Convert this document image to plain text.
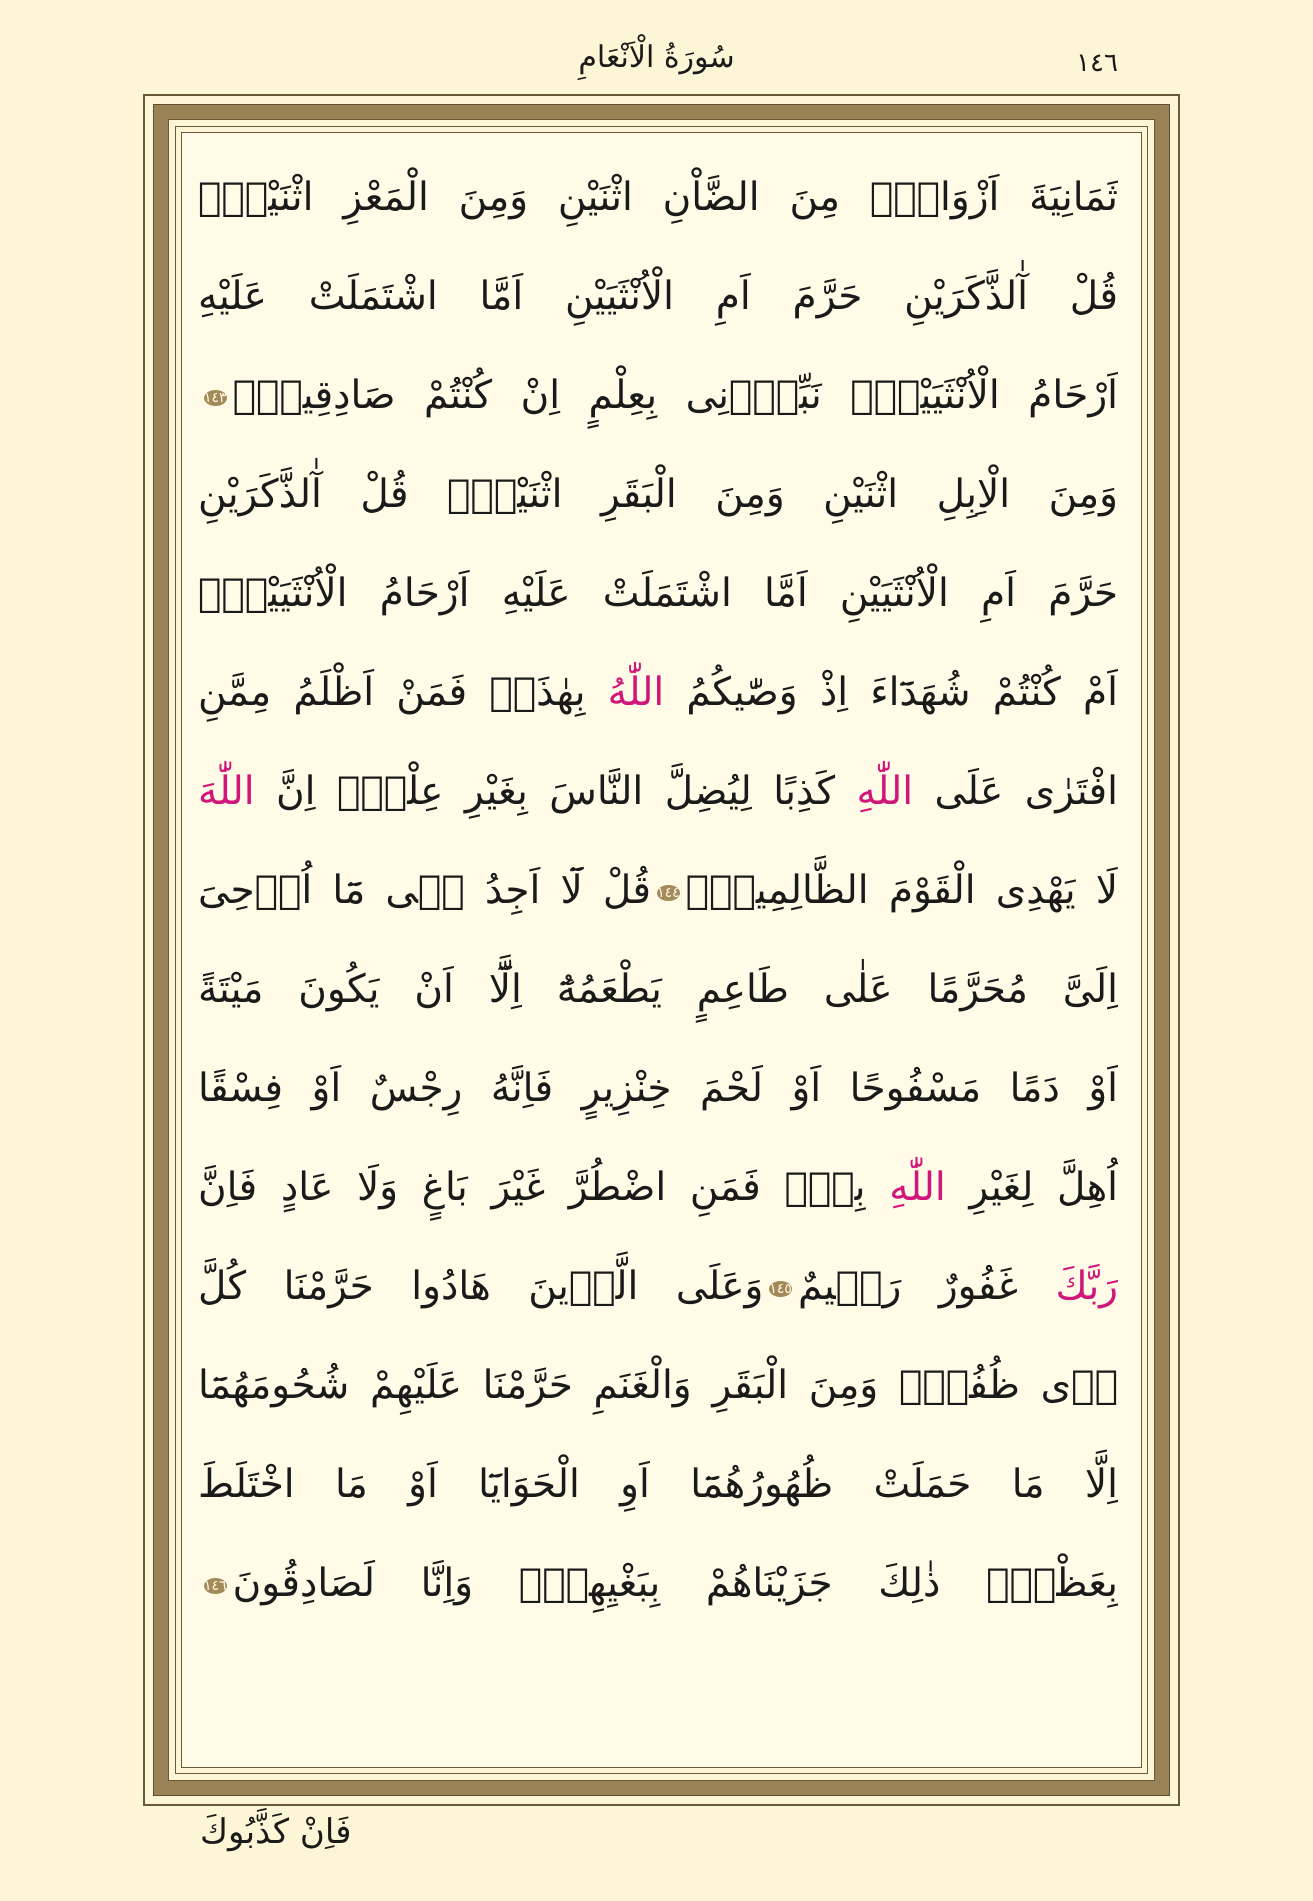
سُورَةُ الْاَنْعَامِ	١٤٦
ثَمَانِيَةَ اَزْوَاجٍۚ مِنَ الضَّاْنِ اثْنَيْنِ وَمِنَ الْمَعْزِ اثْنَيْنِۜ
قُلْ آٰلذَّكَرَيْنِ حَرَّمَ اَمِ الْاُنْثَيَيْنِ اَمَّا اشْتَمَلَتْ عَلَيْهِ
اَرْحَامُ الْاُنْثَيَيْنِۜ نَبِّؤُ۫نِى بِعِلْمٍ اِنْ كُنْتُمْ صَادِقِينَۙ١٤٣
وَمِنَ الْاِبِلِ اثْنَيْنِ وَمِنَ الْبَقَرِ اثْنَيْنِۜ قُلْ آٰلذَّكَرَيْنِ
حَرَّمَ اَمِ الْاُنْثَيَيْنِ اَمَّا اشْتَمَلَتْ عَلَيْهِ اَرْحَامُ الْاُنْثَيَيْنِۜ
اَمْ كُنْتُمْ شُهَدَٓاءَ اِذْ وَصّٰيكُمُ اللّٰهُ بِهٰذَاۚ فَمَنْ اَظْلَمُ مِمَّنِ
افْتَرٰى عَلَى اللّٰهِ كَذِبًا لِيُضِلَّ النَّاسَ بِغَيْرِ عِلْمٍۜ اِنَّ اللّٰهَ
لَا يَهْدِى الْقَوْمَ الظَّالِمِينَ۟١٤٤قُلْ لَٓا اَجِدُ فٖى مَٓا اُو۫حِىَ
اِلَىَّ مُحَرَّمًا عَلٰى طَاعِمٍ يَطْعَمُهُٓ اِلَّٓا اَنْ يَكُونَ مَيْتَةً
اَوْ دَمًا مَسْفُوحًا اَوْ لَحْمَ خِنْزِيرٍ فَاِنَّهُ رِجْسٌ اَوْ فِسْقًا
اُهِلَّ لِغَيْرِ اللّٰهِ بِهٖۚ فَمَنِ اضْطُرَّ غَيْرَ بَاغٍ وَلَا عَادٍ فَاِنَّ
رَبَّكَ غَفُورٌ رَحٖيمٌ١٤٥وَعَلَى الَّذٖينَ هَادُوا حَرَّمْنَا كُلَّ
ذٖى ظُفُرٍۚ وَمِنَ الْبَقَرِ وَالْغَنَمِ حَرَّمْنَا عَلَيْهِمْ شُحُومَهُمَٓا
اِلَّا مَا حَمَلَتْ ظُهُورُهُمَٓا اَوِ الْحَوَايَٓا اَوْ مَا اخْتَلَطَ
بِعَظْمٍۜ ذٰلِكَ جَزَيْنَاهُمْ بِبَغْيِهِمْۘ وَاِنَّا لَصَادِقُونَ١٤٦
فَاِنْ كَذَّبُوكَ
